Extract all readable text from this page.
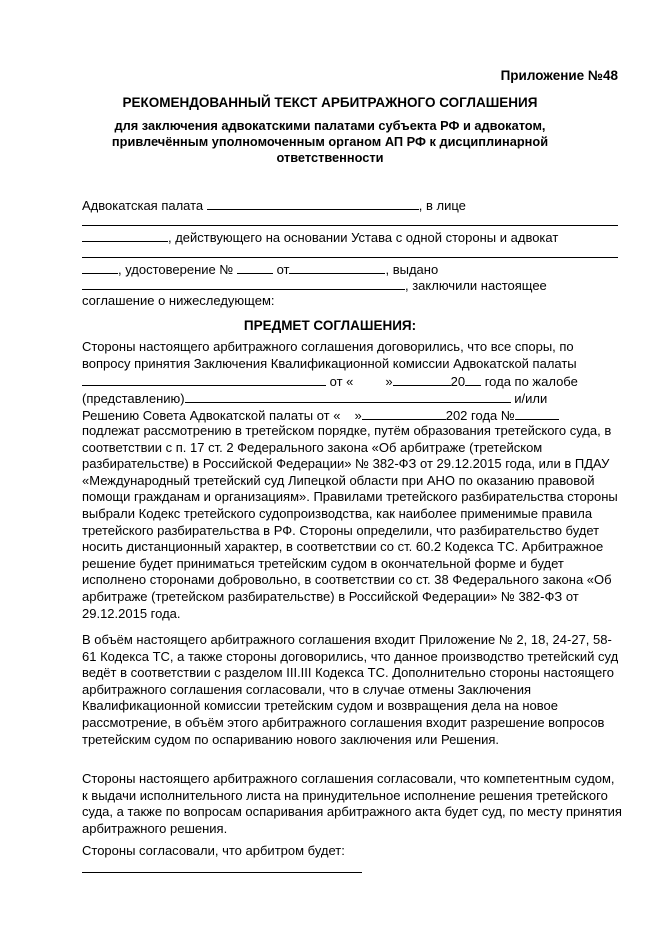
Приложение №48
РЕКОМЕНДОВАННЫЙ ТЕКСТ АРБИТРАЖНОГО СОГЛАШЕНИЯ
для заключения адвокатскими палатами субъекта РФ и адвокатом, привлечённым уполномоченным органом АП РФ к дисциплинарной ответственности
Адвокатская палата	, в лице
, действующего на основании Устава с одной стороны и адвокат
, удостоверение №	от	, выдано
, заключили настоящее
соглашение о нижеследующем:
ПРЕДМЕТ СОГЛАШЕНИЯ:
Стороны настоящего арбитражного соглашения договорились, что все споры, по
вопросу принятия Заключения Квалификационной комиссии Адвокатской палаты
от « »	20 года по жалобе
(представлению)	и/или
Решению Совета Адвокатской палаты от « »	202 года №
подлежат рассмотрению в третейском порядке, путём образования третейского суда, в соответствии с п. 17 ст. 2 Федерального закона «Об арбитраже (третейском разбирательстве) в Российской Федерации» № 382-ФЗ от 29.12.2015 года, или в ПДАУ «Международный третейский суд Липецкой области при АНО по оказанию правовой помощи гражданам и организациям». Правилами третейского разбирательства стороны выбрали Кодекс третейского судопроизводства, как наиболее применимые правила третейского разбирательства в РФ. Стороны определили, что разбирательство будет носить дистанционный характер, в соответствии со ст. 60.2 Кодекса ТС. Арбитражное решение будет приниматься третейским судом в окончательной форме и будет исполнено сторонами добровольно, в соответствии со ст. 38 Федерального закона «Об арбитраже (третейском разбирательстве) в Российской Федерации» № 382-ФЗ от 29.12.2015 года.
В объём настоящего арбитражного соглашения входит Приложение № 2, 18, 24-27, 58-61 Кодекса ТС, а также стороны договорились, что данное производство третейский суд ведёт в соответствии с разделом III.III Кодекса ТС. Дополнительно стороны настоящего арбитражного соглашения согласовали, что в случае отмены Заключения Квалификационной комиссии третейским судом и возвращения дела на новое рассмотрение, в объём этого арбитражного соглашения входит разрешение вопросов третейским судом по оспариванию нового заключения или Решения.
Стороны настоящего арбитражного соглашения согласовали, что компетентным судом, к выдачи исполнительного листа на принудительное исполнение решения третейского суда, а также по вопросам оспаривания арбитражного акта будет суд, по месту принятия арбитражного решения.
Стороны согласовали, что арбитром будет:
